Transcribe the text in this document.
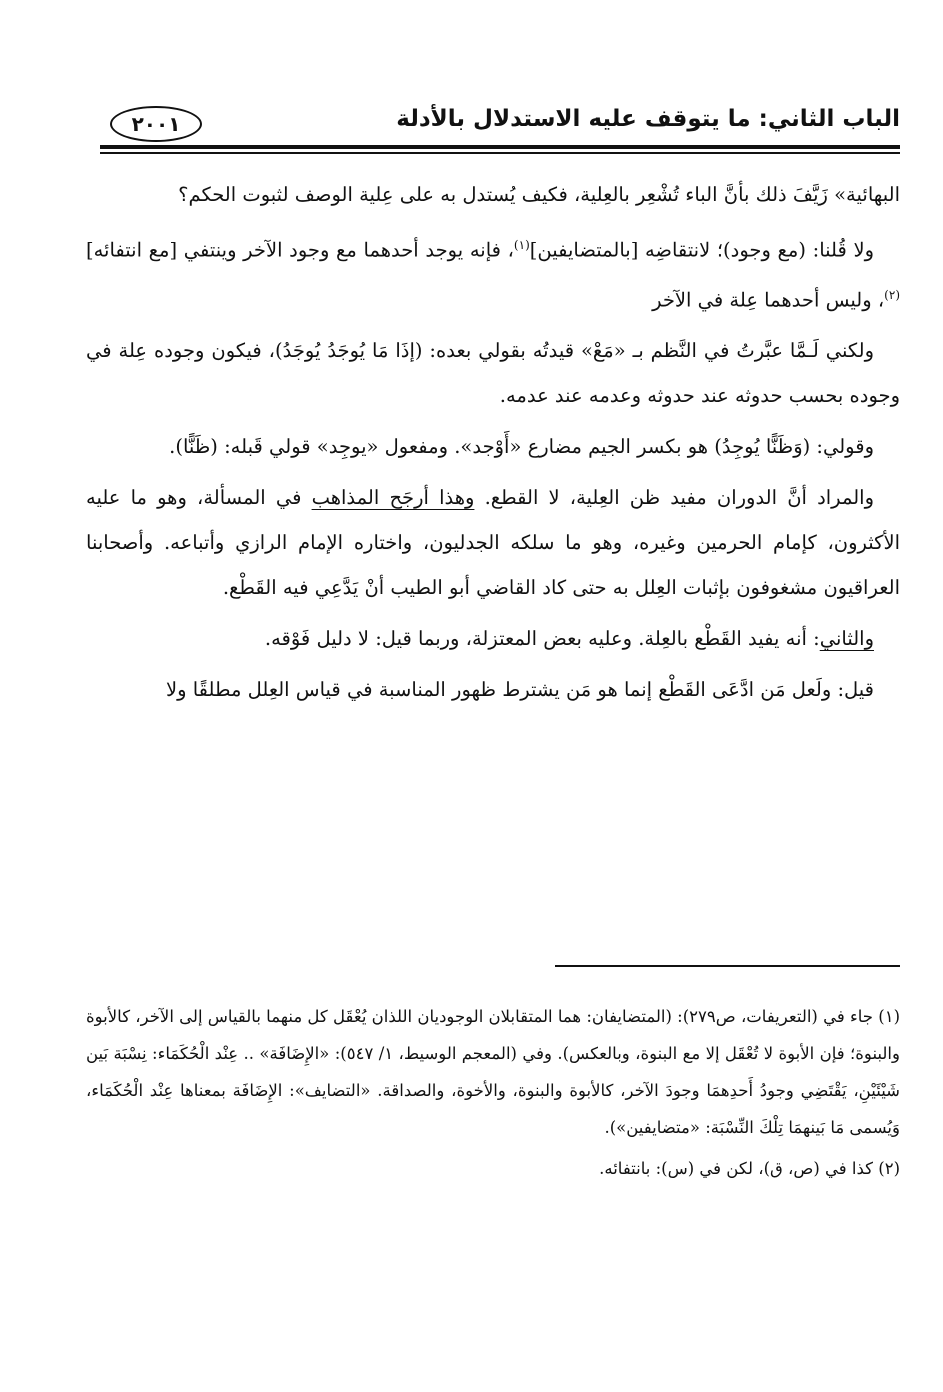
الباب الثاني: ما يتوقف عليه الاستدلال بالأدلة
٢٠٠١

البهائية» زَيَّفَ ذلك بأنَّ الباء تُشْعِر بالعِلية، فكيف يُستدل به على عِلية الوصف لثبوت الحكم؟

ولا قُلنا: (مع وجود)؛ لانتقاضِه [بالمتضايفين]$^{(١)}$، فإنه يوجد أحدهما مع وجود الآخر وينتفي [مع انتفائه]$^{(٢)}$، وليس أحدهما عِلة في الآخر

ولكني لَـمَّا عبَّرتُ في النَّظم بـ «مَعْ» قيدتُه بقولي بعده: (إذَا مَا يُوجَدُ يُوجَدُ)، فيكون وجوده عِلة في وجوده بحسب حدوثه عند حدوثه وعدمه عند عدمه.

وقولي: (وَظَنًّا يُوجِدُ) هو بكسر الجيم مضارع «أَوْجد». ومفعول «يوجِد» قولي قَبله: (ظَنًّا).

والمراد أنَّ الدوران مفيد ظن العِلية، لا القطع. وهذا أرجَح المذاهب في المسألة، وهو ما عليه الأكثرون، كإمام الحرمين وغيره، وهو ما سلكه الجدليون، واختاره الإمام الرازي وأتباعه. وأصحابنا العراقيون مشغوفون بإثبات العِلل به حتى كاد القاضي أبو الطيب أنْ يَدَّعِي فيه القَطْع.

والثاني: أنه يفيد القَطْع بالعِلة. وعليه بعض المعتزلة، وربما قيل: لا دليل فَوْقه.

قيل: ولَعل مَن ادَّعَى القَطْع إنما هو مَن يشترط ظهور المناسبة في قياس العِلل مطلقًا ولا

(١) جاء في (التعريفات، ص٢٧٩): (المتضايفان: هما المتقابلان الوجوديان اللذان يُعْقَل كل منهما بالقياس إلى الآخر، كالأبوة والبنوة؛ فإن الأبوة لا تُعْقَل إلا مع البنوة، وبالعكس). وفي (المعجم الوسيط، ١/ ٥٤٧): «الإِضَافَة» .. عِنْد الْحُكَمَاء: نِسْبَة بَين شَيْئَيْنِ، يَقْتَضِي وجودُ أَحدِهمَا وجودَ الآخر، كالأبوة والبنوة، والأخوة، والصداقة. «التضايف»: الإِضَافَة بمعناها عِنْد الْحُكَمَاء، وَيُسمى مَا بَينهمَا تِلْكَ النِّسْبَة: «متضايفين»).

(٢) كذا في (ص، ق)، لكن في (س): بانتفائه.
